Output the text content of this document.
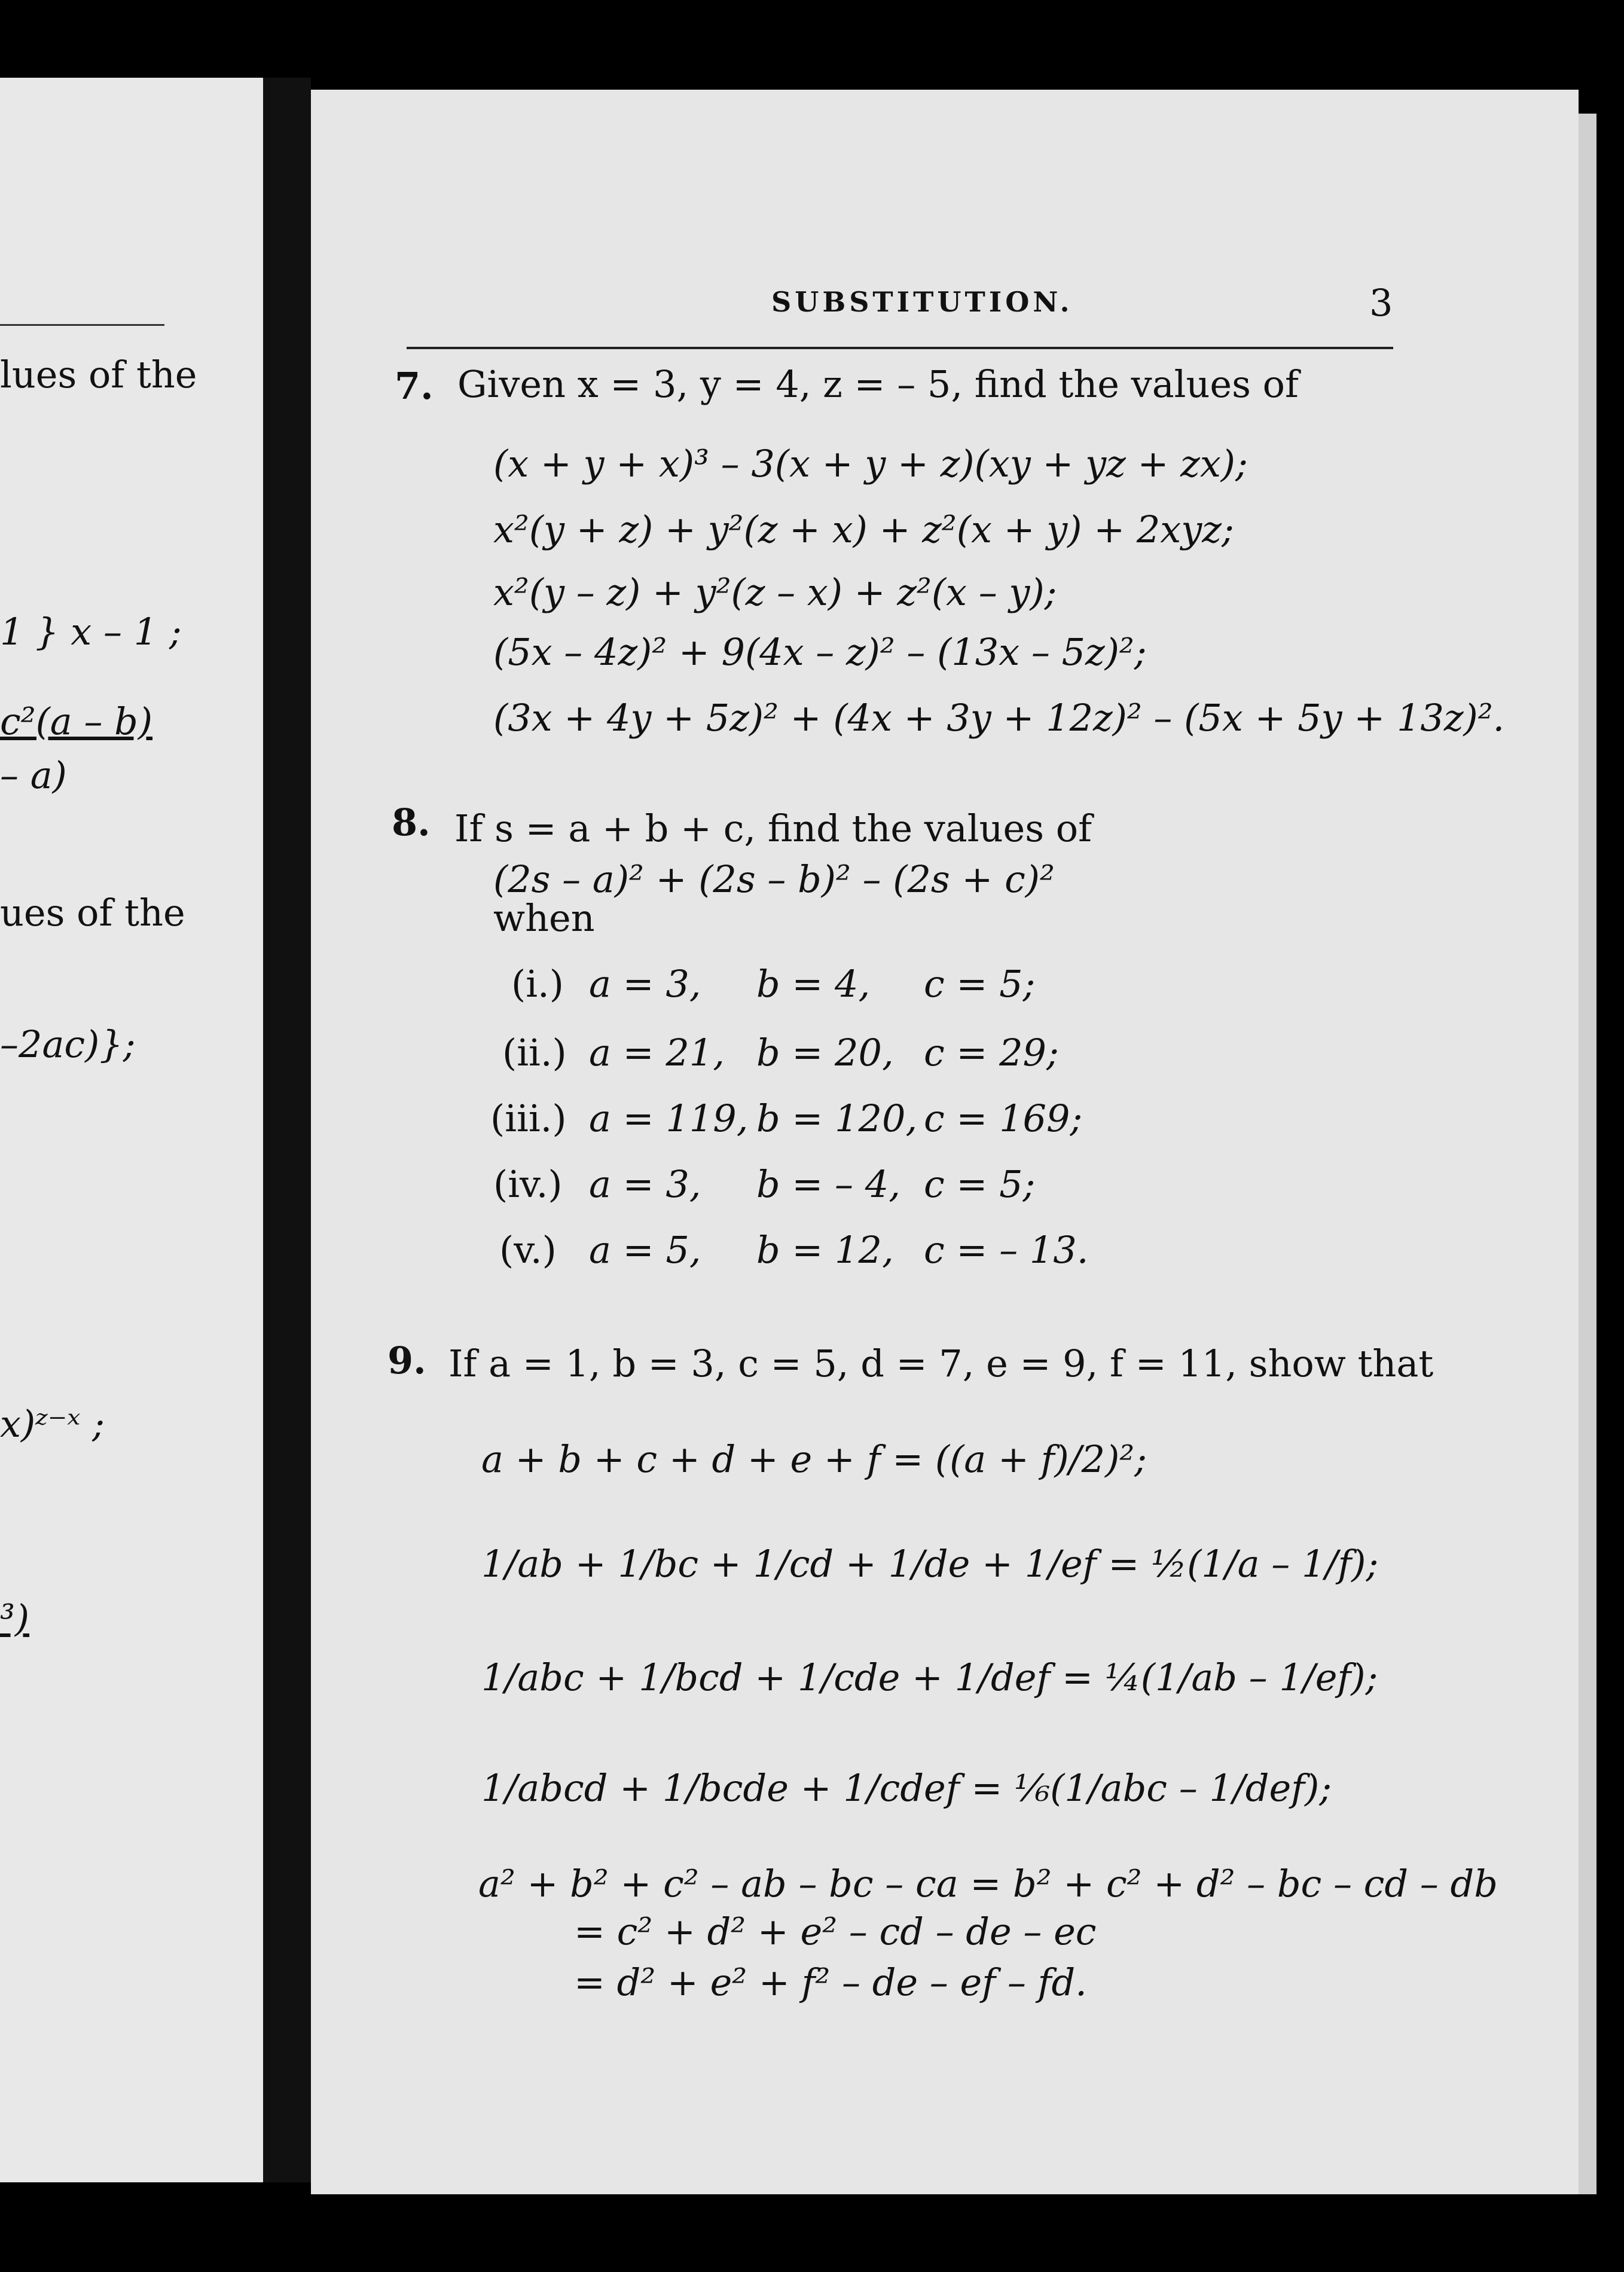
lues of the
1 } x – 1 ;
c²(a – b)
– a)
ues of the
–2ac)};
x)ᶻ⁻ˣ ;
³)
SUBSTITUTION.	3
7. Given x = 3, y = 4, z = – 5, find the values of
(x + y + x)³ – 3(x + y + z)(xy + yz + zx);
x²(y + z) + y²(z + x) + z²(x + y) + 2xyz;
x²(y – z) + y²(z – x) + z²(x – y);
(5x – 4z)² + 9(4x – z)² – (13x – 5z)²;
(3x + 4y + 5z)² + (4x + 3y + 12z)² – (5x + 5y + 13z)².
8. If s = a + b + c, find the values of
(2s – a)² + (2s – b)² – (2s + c)²
when
(i.) a = 3, b = 4, c = 5;
(ii.) a = 21, b = 20, c = 29;
(iii.) a = 119, b = 120, c = 169;
(iv.) a = 3, b = – 4, c = 5;
(v.) a = 5, b = 12, c = – 13.
9. If a = 1, b = 3, c = 5, d = 7, e = 9, f = 11, show that
a + b + c + d + e + f = ((a + f)/2)²;
1/ab + 1/bc + 1/cd + 1/de + 1/ef = ½(1/a – 1/f);
1/abc + 1/bcd + 1/cde + 1/def = ¼(1/ab – 1/ef);
1/abcd + 1/bcde + 1/cdef = ⅙(1/abc – 1/def);
a² + b² + c² – ab – bc – ca = b² + c² + d² – bc – cd – db
= c² + d² + e² – cd – de – ec
= d² + e² + f² – de – ef – fd.
